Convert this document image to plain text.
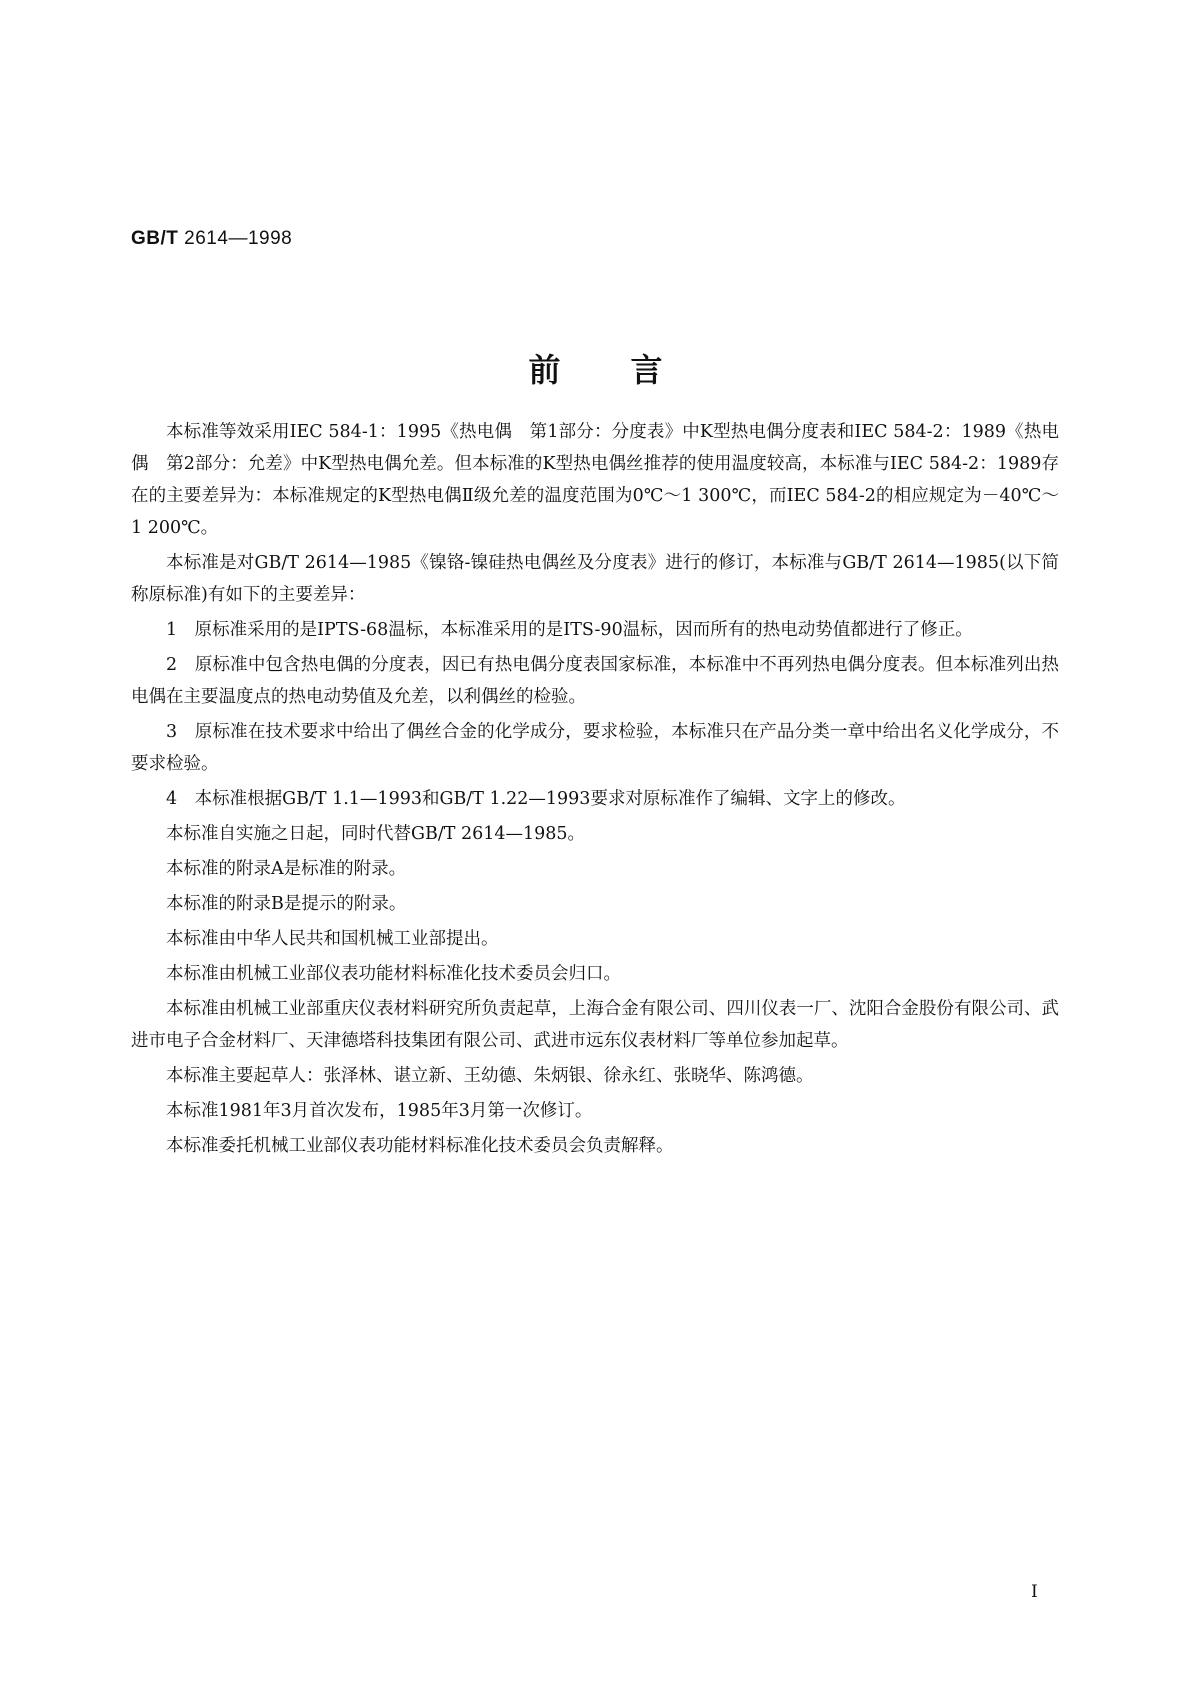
GB/T 2614—1998
前言

本标准等效采用IEC 584-1：1995《热电偶　第1部分：分度表》中K型热电偶分度表和IEC 584-2：1989《热电偶　第2部分：允差》中K型热电偶允差。但本标准的K型热电偶丝推荐的使用温度较高，本标准与IEC 584-2：1989存在的主要差异为：本标准规定的K型热电偶Ⅱ级允差的温度范围为0℃～1 300℃，而IEC 584-2的相应规定为－40℃～1 200℃。

本标准是对GB/T 2614—1985《镍铬-镍硅热电偶丝及分度表》进行的修订，本标准与GB/T 2614—1985(以下简称原标准)有如下的主要差异：

1　原标准采用的是IPTS-68温标，本标准采用的是ITS-90温标，因而所有的热电动势值都进行了修正。

2　原标准中包含热电偶的分度表，因已有热电偶分度表国家标准，本标准中不再列热电偶分度表。但本标准列出热电偶在主要温度点的热电动势值及允差，以利偶丝的检验。

3　原标准在技术要求中给出了偶丝合金的化学成分，要求检验，本标准只在产品分类一章中给出名义化学成分，不要求检验。

4　本标准根据GB/T 1.1—1993和GB/T 1.22—1993要求对原标准作了编辑、文字上的修改。

本标准自实施之日起，同时代替GB/T 2614—1985。

本标准的附录A是标准的附录。

本标准的附录B是提示的附录。

本标准由中华人民共和国机械工业部提出。

本标准由机械工业部仪表功能材料标准化技术委员会归口。

本标准由机械工业部重庆仪表材料研究所负责起草，上海合金有限公司、四川仪表一厂、沈阳合金股份有限公司、武进市电子合金材料厂、天津德塔科技集团有限公司、武进市远东仪表材料厂等单位参加起草。

本标准主要起草人：张泽林、谌立新、王幼德、朱炳银、徐永红、张晓华、陈鸿德。

本标准1981年3月首次发布，1985年3月第一次修订。

本标准委托机械工业部仪表功能材料标准化技术委员会负责解释。

I
